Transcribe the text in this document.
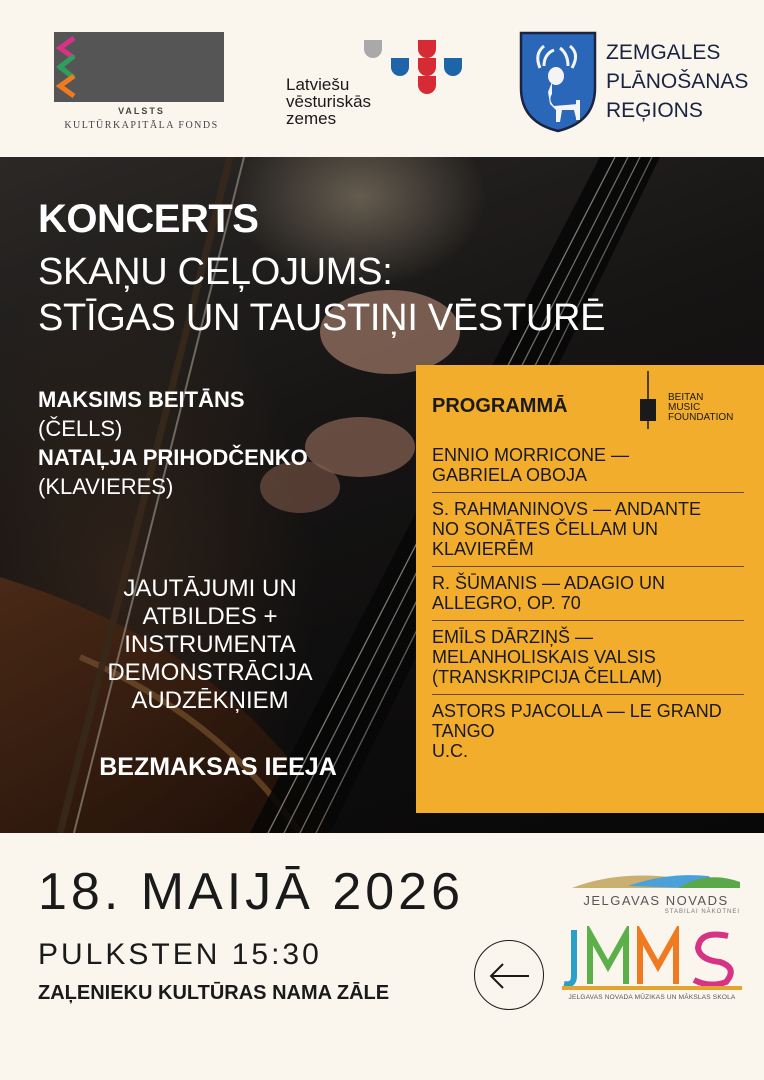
VALSTS
KULTŪRKAPITĀLA FONDS
Latviešu
vēsturiskās
zemes
ZEMGALES
PLĀNOŠANAS
REĢIONS
KONCERTS
SKAŅU CEĻOJUMS:
STĪGAS UN TAUSTIŅI VĒSTURĒ
MAKSIMS BEITĀNS
(ČELLS)
NATAĻJA PRIHODČENKO
(KLAVIERES)
JAUTĀJUMI UN
ATBILDES +
INSTRUMENTA
DEMONSTRĀCIJA
AUDZĒKŅIEM
BEZMAKSAS IEEJA
PROGRAMMĀ	BEITAN
MUSIC
FOUNDATION
ENNIO MORRICONE —
GABRIELA OBOJA
S. RAHMANINOVS — ANDANTE
NO SONĀTES ČELLAM UN
KLAVIERĒM
R. ŠŪMANIS — ADAGIO UN
ALLEGRO, OP. 70
EMĪLS DĀRZIŅŠ —
MELANHOLISKAIS VALSIS
(TRANSKRIPCIJA ČELLAM)
ASTORS PJACOLLA — LE GRAND
TANGO
U.C.
18. MAIJĀ 2026
PULKSTEN 15:30
ZAĻENIEKU KULTŪRAS NAMA ZĀLE
JELGAVAS NOVADS
STABILAI NĀKOTNEI
JELGAVAS NOVADA MŪZIKAS UN MĀKSLAS SKOLA
